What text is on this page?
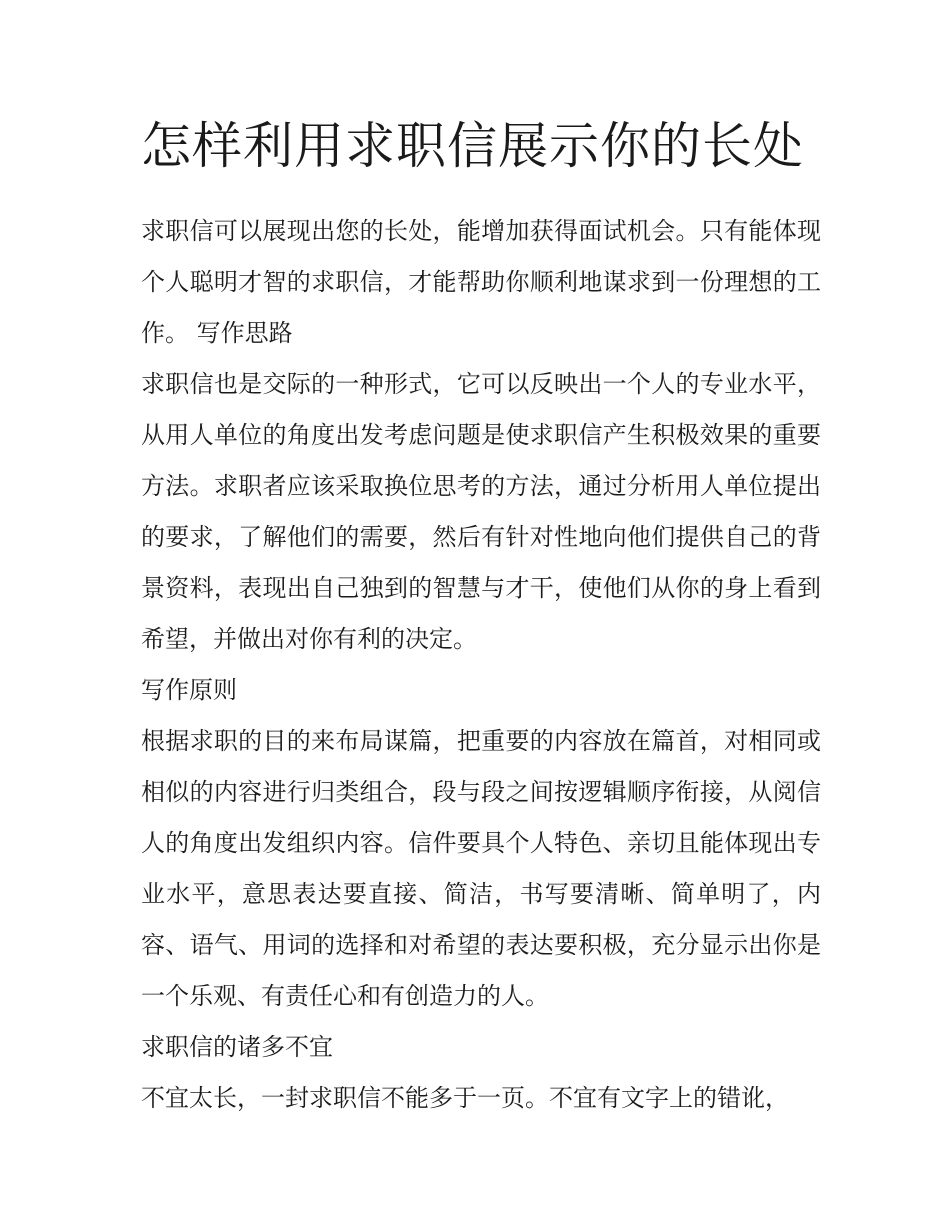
怎样利用求职信展示你的长处

求职信可以展现出您的长处，能增加获得面试机会。只有能体现个人聪明才智的求职信，才能帮助你顺利地谋求到一份理想的工作。 写作思路

求职信也是交际的一种形式，它可以反映出一个人的专业水平，从用人单位的角度出发考虑问题是使求职信产生积极效果的重要方法。求职者应该采取换位思考的方法，通过分析用人单位提出的要求，了解他们的需要，然后有针对性地向他们提供自己的背景资料，表现出自己独到的智慧与才干，使他们从你的身上看到希望，并做出对你有利的决定。

写作原则

根据求职的目的来布局谋篇，把重要的内容放在篇首，对相同或相似的内容进行归类组合，段与段之间按逻辑顺序衔接，从阅信人的角度出发组织内容。信件要具个人特色、亲切且能体现出专业水平，意思表达要直接、简洁，书写要清晰、简单明了，内容、语气、用词的选择和对希望的表达要积极，充分显示出你是一个乐观、有责任心和有创造力的人。

求职信的诸多不宜

不宜太长，一封求职信不能多于一页。不宜有文字上的错讹，
